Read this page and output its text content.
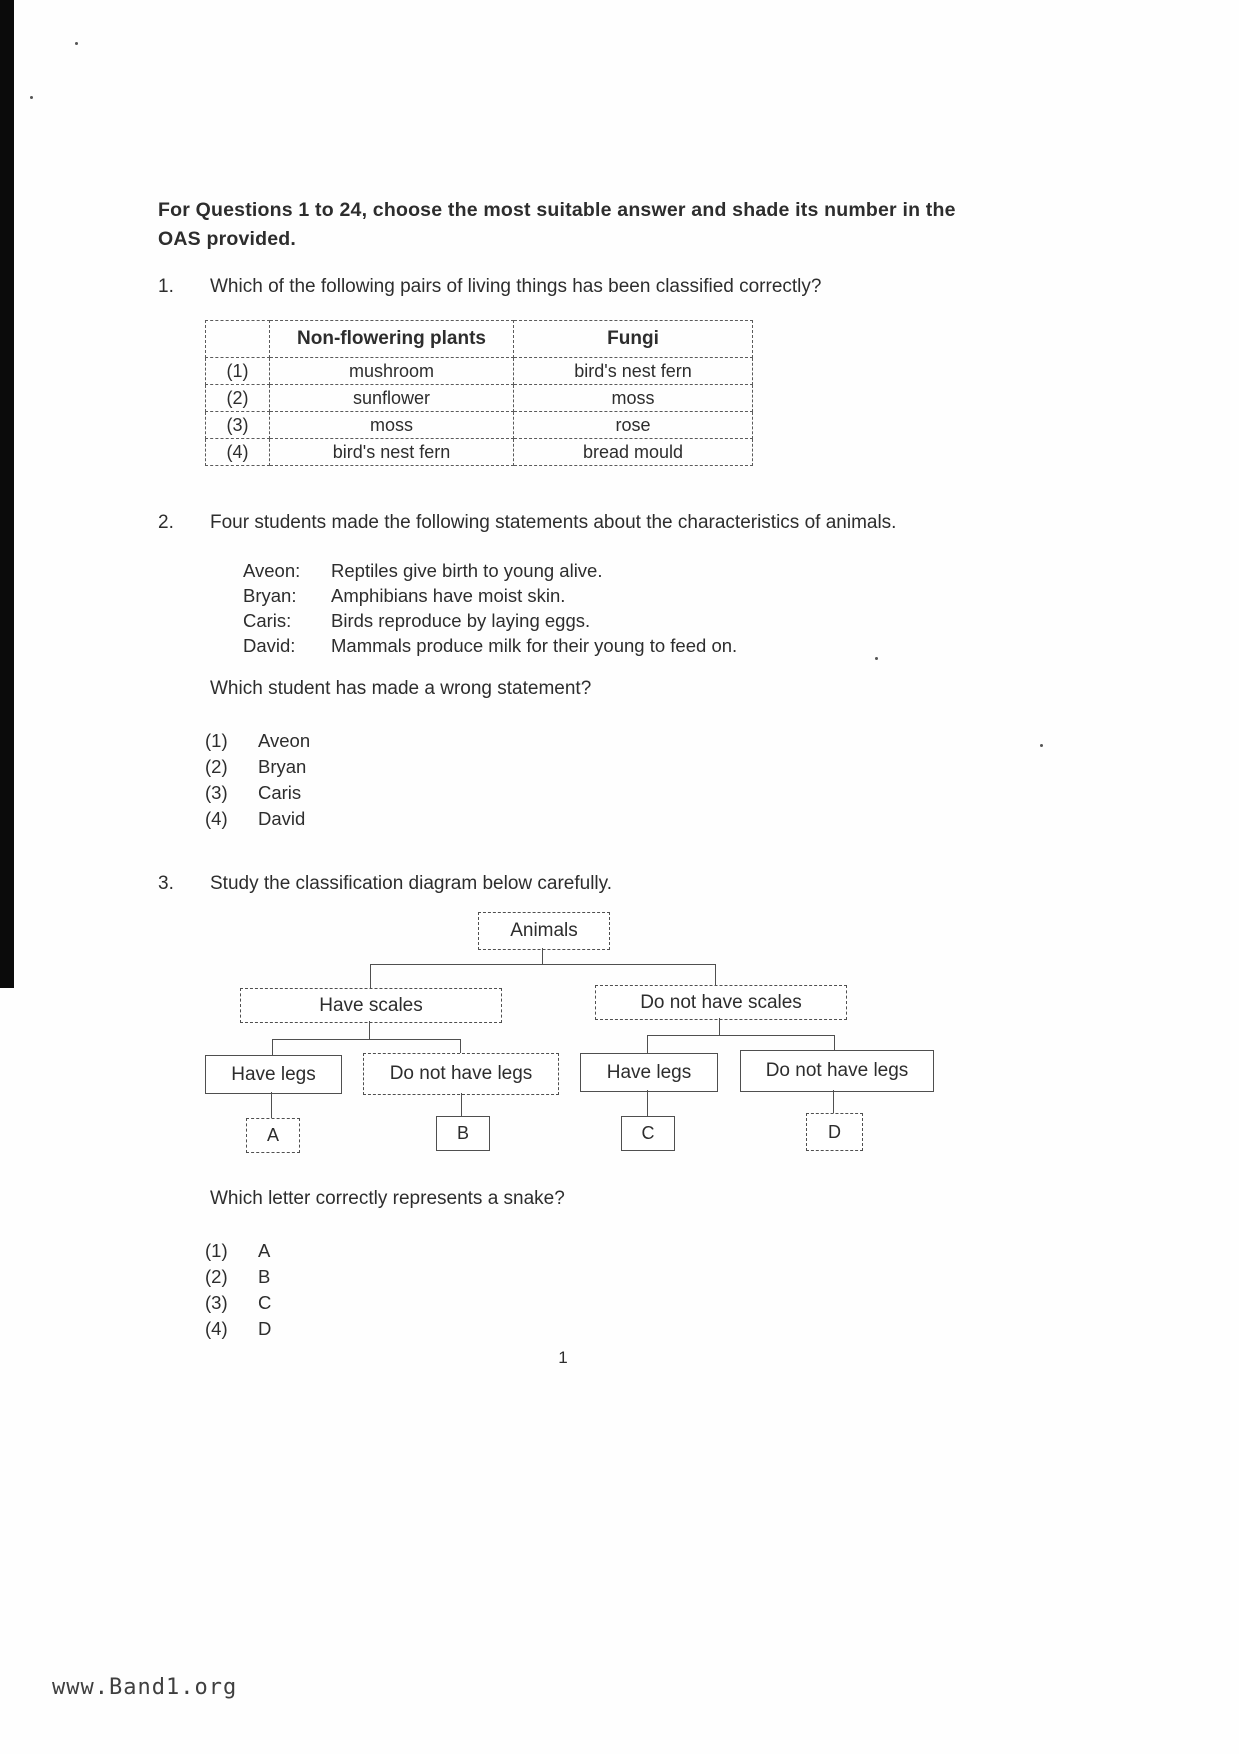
For Questions 1 to 24, choose the most suitable answer and shade its number in the OAS provided.
1. Which of the following pairs of living things has been classified correctly?
	Non-flowering plants	Fungi
(1)	mushroom	bird's nest fern
(2)	sunflower	moss
(3)	moss	rose
(4)	bird's nest fern	bread mould
2. Four students made the following statements about the characteristics of animals.
Aveon:	Reptiles give birth to young alive.
Bryan:	Amphibians have moist skin.
Caris:	Birds reproduce by laying eggs.
David:	Mammals produce milk for their young to feed on.
Which student has made a wrong statement?
(1)	Aveon
(2)	Bryan
(3)	Caris
(4)	David
3. Study the classification diagram below carefully.
Animals
Have scales	Do not have scales
Have legs	Do not have legs	Have legs	Do not have legs
A	B	C	D
Which letter correctly represents a snake?
(1)	A
(2)	B
(3)	C
(4)	D
1
www.Band1.org
